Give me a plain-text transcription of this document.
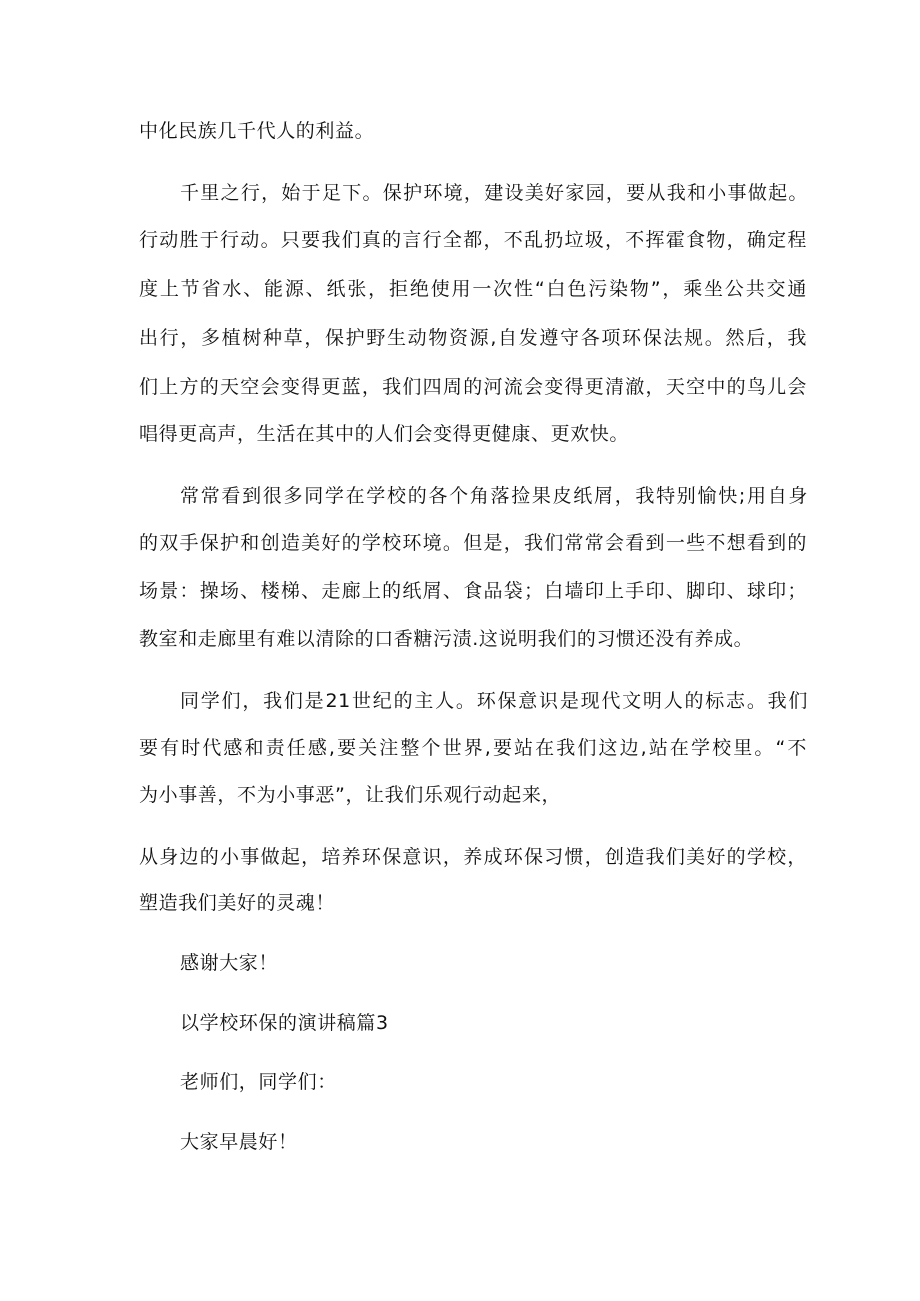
中化民族几千代人的利益。
千里之行，始于足下。保护环境，建设美好家园，要从我和小事做起。
行动胜于行动。只要我们真的言行全都，不乱扔垃圾，不挥霍食物，确定程
度上节省水、能源、纸张，拒绝使用一次性“白色污染物”，乘坐公共交通
出行，多植树种草，保护野生动物资源,自发遵守各项环保法规。然后，我
们上方的天空会变得更蓝，我们四周的河流会变得更清澈，天空中的鸟儿会
唱得更高声，生活在其中的人们会变得更健康、更欢快。
常常看到很多同学在学校的各个角落捡果皮纸屑，我特别愉快;用自身
的双手保护和创造美好的学校环境。但是，我们常常会看到一些不想看到的
场景：操场、楼梯、走廊上的纸屑、食品袋；白墙印上手印、脚印、球印；
教室和走廊里有难以清除的口香糖污渍.这说明我们的习惯还没有养成。
同学们，我们是21世纪的主人。环保意识是现代文明人的标志。我们
要有时代感和责任感,要关注整个世界,要站在我们这边,站在学校里。“不
为小事善，不为小事恶”，让我们乐观行动起来，
从身边的小事做起，培养环保意识，养成环保习惯，创造我们美好的学校，
塑造我们美好的灵魂！
感谢大家！
以学校环保的演讲稿篇3
老师们，同学们：
大家早晨好！
